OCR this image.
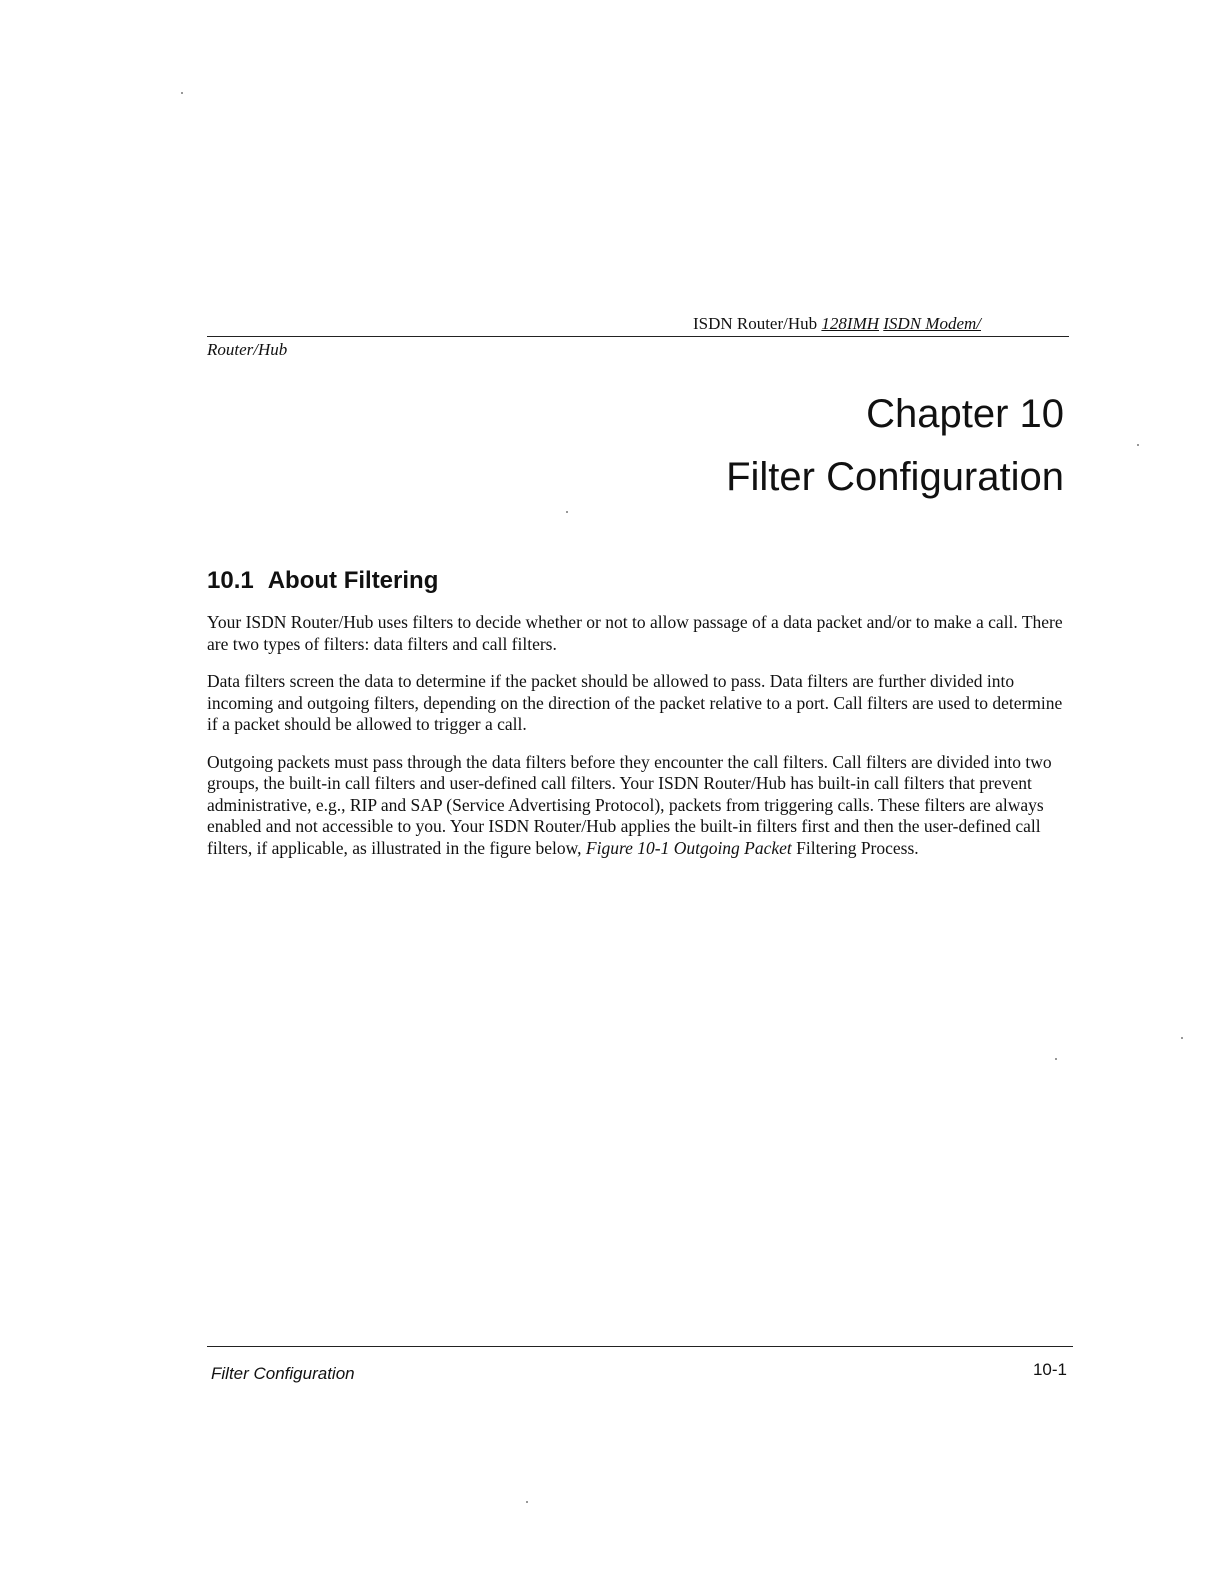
ISDN Router/Hub 128IMH ISDN Modem/
Router/Hub
Chapter 10
Filter Configuration
10.1 About Filtering

Your ISDN Router/Hub uses filters to decide whether or not to allow passage of a data packet and/or to make a call. There are two types of filters: data filters and call filters.

Data filters screen the data to determine if the packet should be allowed to pass. Data filters are further divided into incoming and outgoing filters, depending on the direction of the packet relative to a port. Call filters are used to determine if a packet should be allowed to trigger a call.

Outgoing packets must pass through the data filters before they encounter the call filters. Call filters are divided into two groups, the built-in call filters and user-defined call filters. Your ISDN Router/Hub has built-in call filters that prevent administrative, e.g., RIP and SAP (Service Advertising Protocol), packets from triggering calls. These filters are always enabled and not accessible to you. Your ISDN Router/Hub applies the built-in filters first and then the user-defined call filters, if applicable, as illustrated in the figure below, Figure 10-1 Outgoing Packet Filtering Process.

Filter Configuration	10-1
